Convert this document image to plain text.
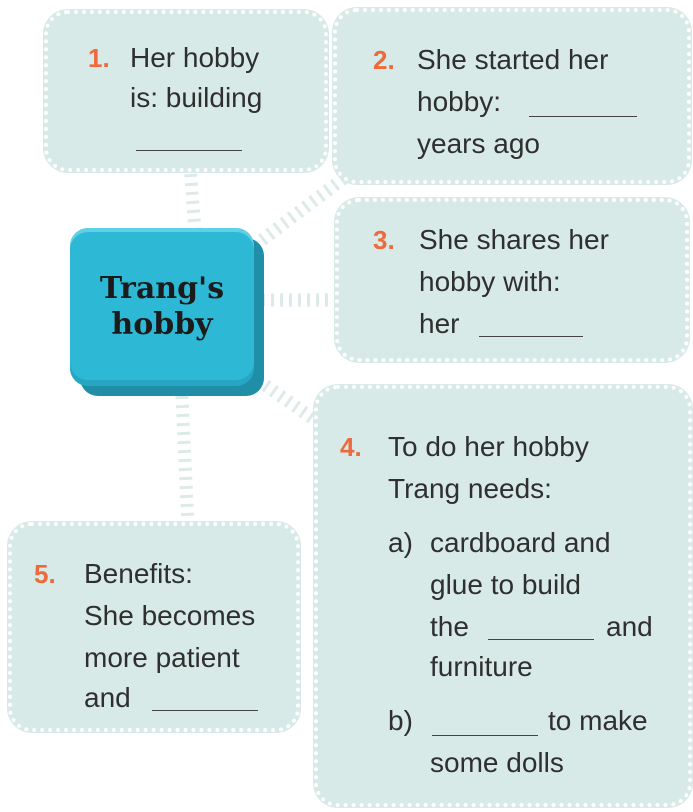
1. Her hobby
is: building
2. She started her
hobby:
years ago
3. She shares her
hobby with:
her
4. To do her hobby
Trang needs:
a) cardboard and
glue to build
the	and
furniture
b)	to make
some dolls
5. Benefits:
She becomes
more patient
and
Trang's
hobby
